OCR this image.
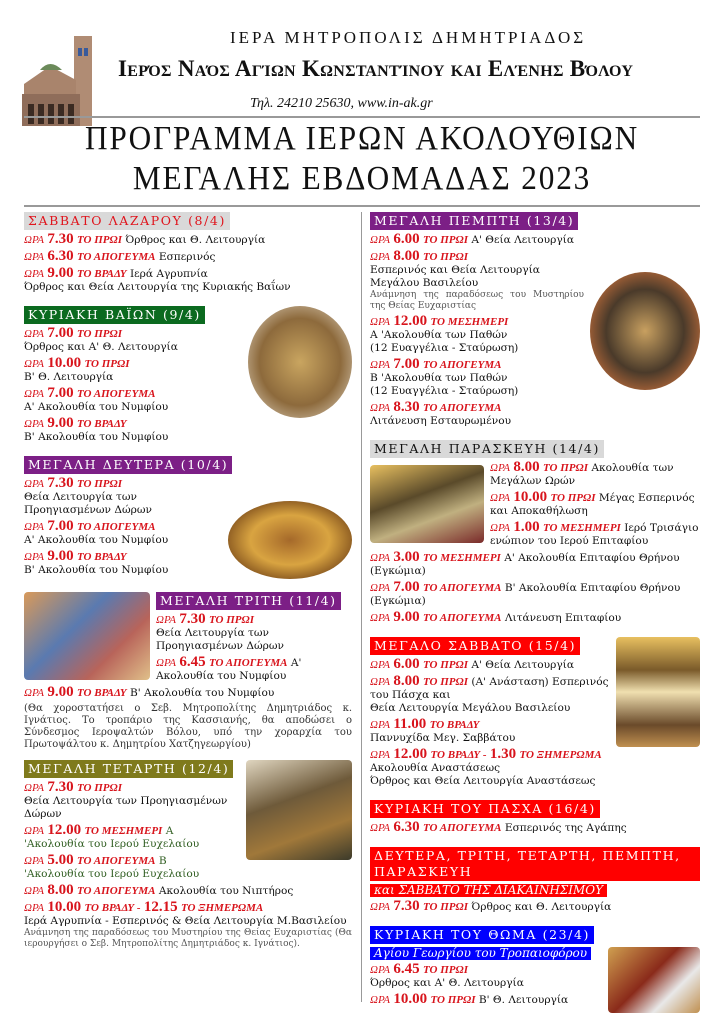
ΙΕΡΑ ΜΗΤΡΟΠΟΛΙΣ ΔΗΜΗΤΡΙΑΔΟΣ
Ιερός Ναός Αγίων Κωνσταντίνου και Ελένης Βόλου
Τηλ. 24210 25630, www.in-ak.gr
ΠΡΟΓΡΑΜΜΑ ΙΕΡΩΝ ΑΚΟΛΟΥΘΙΩΝ
ΜΕΓΑΛΗΣ ΕΒΔΟΜΑΔΑΣ 2023
ΣΑΒΒΑΤΟ ΛΑΖΑΡΟΥ (8/4)
ΩΡΑ 7.30 ΤΟ ΠΡΩΙ Όρθρος και Θ. Λειτουργία
ΩΡΑ 6.30 ΤΟ ΑΠΟΓΕΥΜΑ Εσπερινός
ΩΡΑ 9.00 ΤΟ ΒΡΑΔΥ Ιερά Αγρυπνία
Όρθρος και Θεία Λειτουργία της Κυριακής Βαΐων
ΚΥΡΙΑΚΗ ΒΑΪΩΝ (9/4)
ΩΡΑ 7.00 ΤΟ ΠΡΩΙ
Όρθρος και Α' Θ. Λειτουργία
ΩΡΑ 10.00 ΤΟ ΠΡΩΙ
Β' Θ. Λειτουργία
ΩΡΑ 7.00 ΤΟ ΑΠΟΓΕΥΜΑ
Α' Ακολουθία του Νυμφίου
ΩΡΑ 9.00 ΤΟ ΒΡΑΔΥ
Β' Ακολουθία του Νυμφίου
ΜΕΓΑΛΗ ΔΕΥΤΕΡΑ (10/4)
ΩΡΑ 7.30 ΤΟ ΠΡΩΙ
Θεία Λειτουργία των Προηγιασμένων Δώρων
ΩΡΑ 7.00 ΤΟ ΑΠΟΓΕΥΜΑ
Α' Ακολουθία του Νυμφίου
ΩΡΑ 9.00 ΤΟ ΒΡΑΔΥ
Β' Ακολουθία του Νυμφίου
ΜΕΓΑΛΗ ΤΡΙΤΗ (11/4)
ΩΡΑ 7.30 ΤΟ ΠΡΩΙ
Θεία Λειτουργία των Προηγιασμένων Δώρων
ΩΡΑ 6.45 ΤΟ ΑΠΟΓΕΥΜΑ Α' Ακολουθία του Νυμφίου
ΩΡΑ 9.00 ΤΟ ΒΡΑΔΥ Β' Ακολουθία του Νυμφίου
(Θα χοροστατήσει ο Σεβ. Μητροπολίτης Δημητριάδος κ. Ιγνάτιος. Το τροπάριο της Κασσιανής, θα αποδώσει ο Σύνδεσμος Ιεροψαλτών Βόλου, υπό την χοραρχία του Πρωτοψάλτου κ. Δημητρίου Χατζηγεωργίου)
ΜΕΓΑΛΗ ΤΕΤΑΡΤΗ (12/4)
ΩΡΑ 7.30 ΤΟ ΠΡΩΙ
Θεία Λειτουργία των Προηγιασμένων Δώρων
ΩΡΑ 12.00 ΤΟ ΜΕΣΗΜΕΡΙ Α
'Ακολουθία του Ιερού Ευχελαίου
ΩΡΑ 5.00 ΤΟ ΑΠΟΓΕΥΜΑ Β
'Ακολουθία του Ιερού Ευχελαίου
ΩΡΑ 8.00 ΤΟ ΑΠΟΓΕΥΜΑ Ακολουθία του Νιπτήρος
ΩΡΑ 10.00 ΤΟ ΒΡΑΔΥ - 12.15 ΤΟ ΞΗΜΕΡΩΜΑ
Ιερά Αγρυπνία - Εσπερινός & Θεία Λειτουργία Μ.Βασιλείου
Ανάμνηση της παραδόσεως του Μυστηρίου της Θείας Ευχαριστίας (Θα ιερουργήσει ο Σεβ. Μητροπολίτης Δημητριάδος κ. Ιγνάτιος).
ΜΕΓΑΛΗ ΠΕΜΠΤΗ (13/4)
ΩΡΑ 6.00 ΤΟ ΠΡΩΙ Α' Θεία Λειτουργία
ΩΡΑ 8.00 ΤΟ ΠΡΩΙ
Εσπερινός και Θεία Λειτουργία Μεγάλου Βασιλείου
Ανάμνηση της παραδόσεως του Μυστηρίου της Θείας Ευχαριστίας
ΩΡΑ 12.00 ΤΟ ΜΕΣΗΜΕΡΙ
Α 'Ακολουθία των Παθών
(12 Ευαγγέλια - Σταύρωση)
ΩΡΑ 7.00 ΤΟ ΑΠΟΓΕΥΜΑ
Β 'Ακολουθία των Παθών
(12 Ευαγγέλια - Σταύρωση)
ΩΡΑ 8.30 ΤΟ ΑΠΟΓΕΥΜΑ
Λιτάνευση Εσταυρωμένου
ΜΕΓΑΛΗ ΠΑΡΑΣΚΕΥΗ (14/4)
ΩΡΑ 8.00 ΤΟ ΠΡΩΙ Ακολουθία των Μεγάλων Ωρών
ΩΡΑ 10.00 ΤΟ ΠΡΩΙ Μέγας Εσπερινός και Αποκαθήλωση
ΩΡΑ 1.00 ΤΟ ΜΕΣΗΜΕΡΙ Ιερό Τρισάγιο ενώπιον του Ιερού Επιταφίου
ΩΡΑ 3.00 ΤΟ ΜΕΣΗΜΕΡΙ Α' Ακολουθία Επιταφίου Θρήνου (Εγκώμια)
ΩΡΑ 7.00 ΤΟ ΑΠΟΓΕΥΜΑ Β' Ακολουθία Επιταφίου Θρήνου (Εγκώμια)
ΩΡΑ 9.00 ΤΟ ΑΠΟΓΕΥΜΑ Λιτάνευση Επιταφίου
ΜΕΓΑΛΟ ΣΑΒΒΑΤΟ (15/4)
ΩΡΑ 6.00 ΤΟ ΠΡΩΙ Α' Θεία Λειτουργία
ΩΡΑ 8.00 ΤΟ ΠΡΩΙ (Α' Ανάσταση) Εσπερινός του Πάσχα και
Θεία Λειτουργία Μεγάλου Βασιλείου
ΩΡΑ 11.00 ΤΟ ΒΡΑΔΥ
Παννυχίδα Μεγ. Σαββάτου
ΩΡΑ 12.00 ΤΟ ΒΡΑΔΥ - 1.30 ΤΟ ΞΗΜΕΡΩΜΑ
Ακολουθία Αναστάσεως
Όρθρος και Θεία Λειτουργία Αναστάσεως
ΚΥΡΙΑΚΗ ΤΟΥ ΠΑΣΧΑ (16/4)
ΩΡΑ 6.30 ΤΟ ΑΠΟΓΕΥΜΑ Εσπερινός της Αγάπης
ΔΕΥΤΕΡΑ, ΤΡΙΤΗ, ΤΕΤΑΡΤΗ, ΠΕΜΠΤΗ, ΠΑΡΑΣΚΕΥΗ
και ΣΑΒΒΑΤΟ ΤΗΣ ΔΙΑΚΑΙΝΗΣΙΜΟΥ
ΩΡΑ 7.30 ΤΟ ΠΡΩΙ Όρθρος και Θ. Λειτουργία
ΚΥΡΙΑΚΗ ΤΟΥ ΘΩΜΑ (23/4)
Αγίου Γεωργίου του Τροπαιοφόρου
ΩΡΑ 6.45 ΤΟ ΠΡΩΙ
Όρθρος και Α' Θ. Λειτουργία
ΩΡΑ 10.00 ΤΟ ΠΡΩΙ Β' Θ. Λειτουργία
